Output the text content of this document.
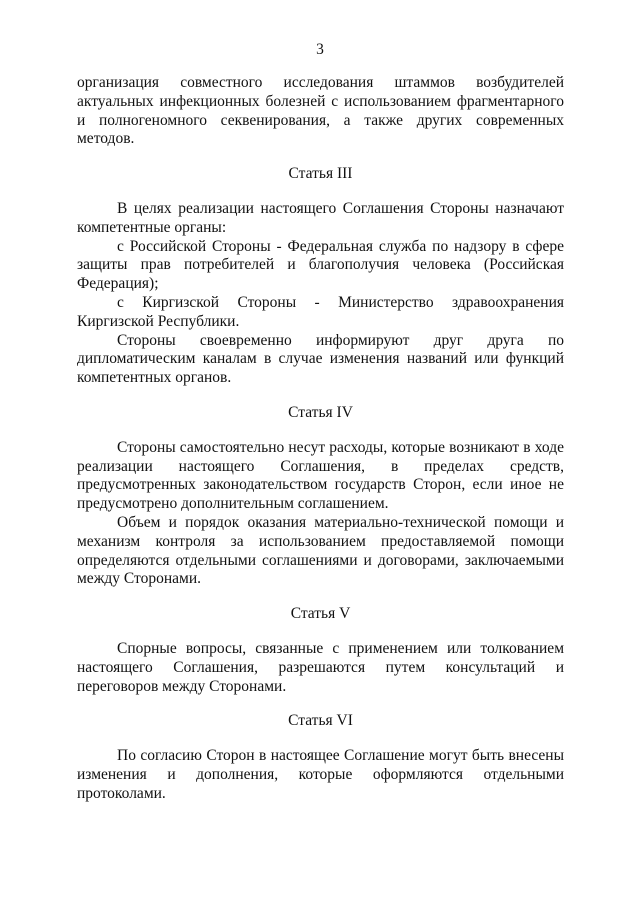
3

организация совместного исследования штаммов возбудителей актуальных инфекционных болезней с использованием фрагментарного и полногеномного секвенирования, а также других современных методов.

Статья III

В целях реализации настоящего Соглашения Стороны назначают компетентные органы:

с Российской Стороны - Федеральная служба по надзору в сфере защиты прав потребителей и благополучия человека (Российская Федерация);

с Киргизской Стороны - Министерство здравоохранения Киргизской Республики.

Стороны своевременно информируют друг друга по дипломатическим каналам в случае изменения названий или функций компетентных органов.

Статья IV

Стороны самостоятельно несут расходы, которые возникают в ходе реализации настоящего Соглашения, в пределах средств, предусмотренных законодательством государств Сторон, если иное не предусмотрено дополнительным соглашением.

Объем и порядок оказания материально-технической помощи и механизм контроля за использованием предоставляемой помощи определяются отдельными соглашениями и договорами, заключаемыми между Сторонами.

Статья V

Спорные вопросы, связанные с применением или толкованием настоящего Соглашения, разрешаются путем консультаций и переговоров между Сторонами.

Статья VI

По согласию Сторон в настоящее Соглашение могут быть внесены изменения и дополнения, которые оформляются отдельными протоколами.
